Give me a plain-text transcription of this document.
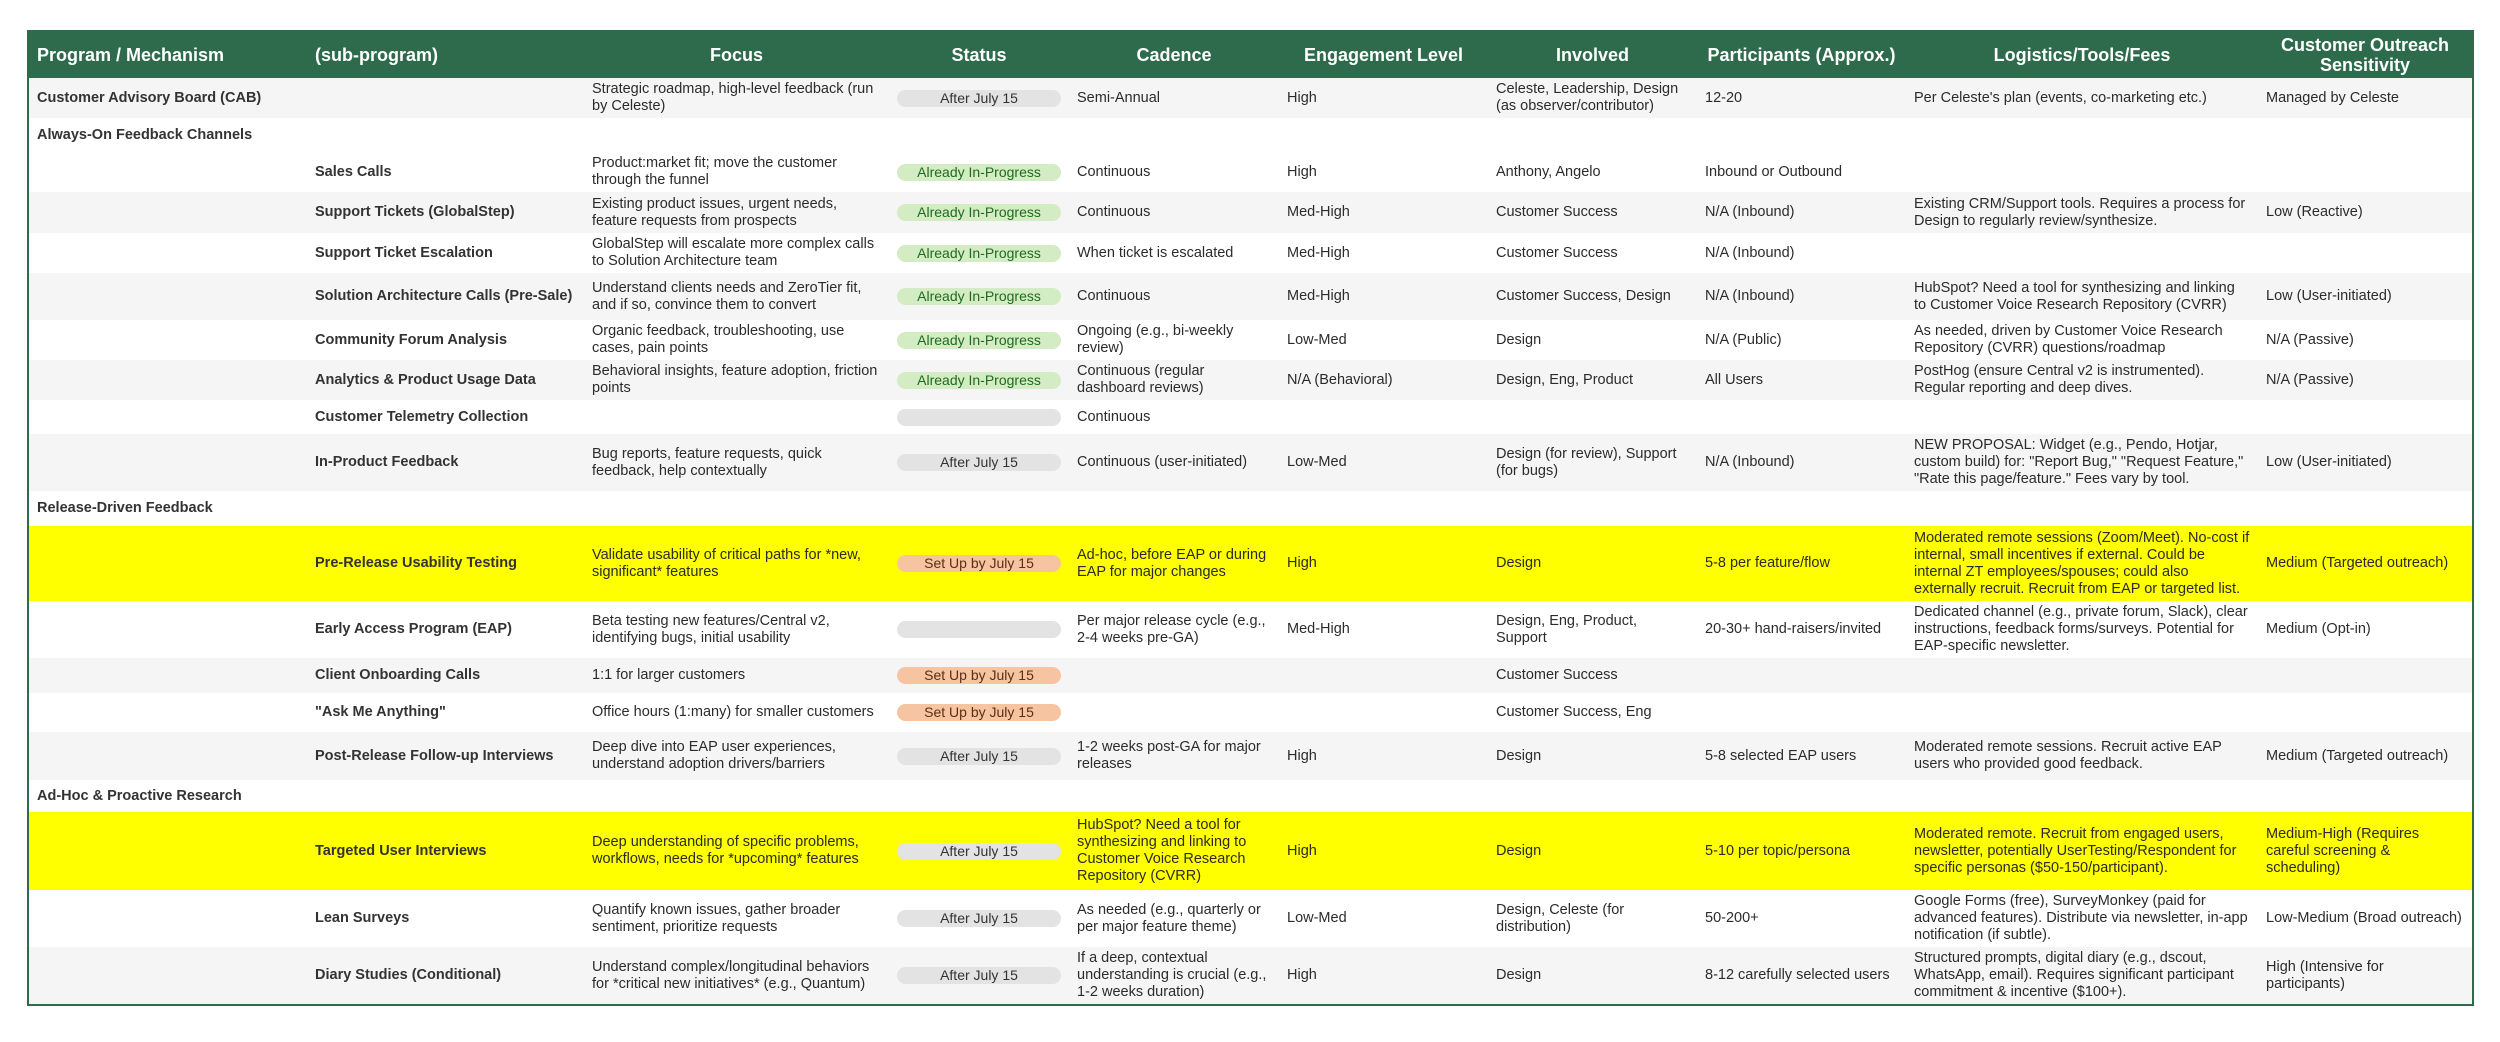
Program / Mechanism	(sub-program)	Focus	Status	Cadence	Engagement Level	Involved	Participants (Approx.)	Logistics/Tools/Fees	Customer Outreach Sensitivity
Customer Advisory Board (CAB)		Strategic roadmap, high-level feedback (run by Celeste)	After July 15	Semi-Annual	High	Celeste, Leadership, Design (as observer/contributor)	12-20	Per Celeste's plan (events, co-marketing etc.)	Managed by Celeste
Always-On Feedback Channels									
	Sales Calls	Product:market fit; move the customer through the funnel	Already In-Progress	Continuous	High	Anthony, Angelo	Inbound or Outbound		
	Support Tickets (GlobalStep)	Existing product issues, urgent needs, feature requests from prospects	Already In-Progress	Continuous	Med-High	Customer Success	N/A (Inbound)	Existing CRM/Support tools. Requires a process for Design to regularly review/synthesize.	Low (Reactive)
	Support Ticket Escalation	GlobalStep will escalate more complex calls to Solution Architecture team	Already In-Progress	When ticket is escalated	Med-High	Customer Success	N/A (Inbound)		
	Solution Architecture Calls (Pre-Sale)	Understand clients needs and ZeroTier fit, and if so, convince them to convert	Already In-Progress	Continuous	Med-High	Customer Success, Design	N/A (Inbound)	HubSpot? Need a tool for synthesizing and linking to Customer Voice Research Repository (CVRR)	Low (User-initiated)
	Community Forum Analysis	Organic feedback, troubleshooting, use cases, pain points	Already In-Progress	Ongoing (e.g., bi-weekly review)	Low-Med	Design	N/A (Public)	As needed, driven by Customer Voice Research Repository (CVRR) questions/roadmap	N/A (Passive)
	Analytics & Product Usage Data	Behavioral insights, feature adoption, friction points	Already In-Progress	Continuous (regular dashboard reviews)	N/A (Behavioral)	Design, Eng, Product	All Users	PostHog (ensure Central v2 is instrumented). Regular reporting and deep dives.	N/A (Passive)
	Customer Telemetry Collection			Continuous					
	In-Product Feedback	Bug reports, feature requests, quick feedback, help contextually	After July 15	Continuous (user-initiated)	Low-Med	Design (for review), Support (for bugs)	N/A (Inbound)	NEW PROPOSAL: Widget (e.g., Pendo, Hotjar, custom build) for: "Report Bug," "Request Feature," "Rate this page/feature." Fees vary by tool.	Low (User-initiated)
Release-Driven Feedback									
	Pre-Release Usability Testing	Validate usability of critical paths for *new, significant* features	Set Up by July 15	Ad-hoc, before EAP or during EAP for major changes	High	Design	5-8 per feature/flow	Moderated remote sessions (Zoom/Meet). No-cost if internal, small incentives if external. Could be internal ZT employees/spouses; could also externally recruit. Recruit from EAP or targeted list.	Medium (Targeted outreach)
	Early Access Program (EAP)	Beta testing new features/Central v2, identifying bugs, initial usability		Per major release cycle (e.g., 2-4 weeks pre-GA)	Med-High	Design, Eng, Product, Support	20-30+ hand-raisers/invited	Dedicated channel (e.g., private forum, Slack), clear instructions, feedback forms/surveys. Potential for EAP-specific newsletter.	Medium (Opt-in)
	Client Onboarding Calls	1:1 for larger customers	Set Up by July 15			Customer Success			
	"Ask Me Anything"	Office hours (1:many) for smaller customers	Set Up by July 15			Customer Success, Eng			
	Post-Release Follow-up Interviews	Deep dive into EAP user experiences, understand adoption drivers/barriers	After July 15	1-2 weeks post-GA for major releases	High	Design	5-8 selected EAP users	Moderated remote sessions. Recruit active EAP users who provided good feedback.	Medium (Targeted outreach)
Ad-Hoc & Proactive Research									
	Targeted User Interviews	Deep understanding of specific problems, workflows, needs for *upcoming* features	After July 15	HubSpot? Need a tool for synthesizing and linking to Customer Voice Research Repository (CVRR)	High	Design	5-10 per topic/persona	Moderated remote. Recruit from engaged users, newsletter, potentially UserTesting/Respondent for specific personas ($50-150/participant).	Medium-High (Requires careful screening & scheduling)
	Lean Surveys	Quantify known issues, gather broader sentiment, prioritize requests	After July 15	As needed (e.g., quarterly or per major feature theme)	Low-Med	Design, Celeste (for distribution)	50-200+	Google Forms (free), SurveyMonkey (paid for advanced features). Distribute via newsletter, in-app notification (if subtle).	Low-Medium (Broad outreach)
	Diary Studies (Conditional)	Understand complex/longitudinal behaviors for *critical new initiatives* (e.g., Quantum)	After July 15	If a deep, contextual understanding is crucial (e.g., 1-2 weeks duration)	High	Design	8-12 carefully selected users	Structured prompts, digital diary (e.g., dscout, WhatsApp, email). Requires significant participant commitment & incentive ($100+).	High (Intensive for participants)
